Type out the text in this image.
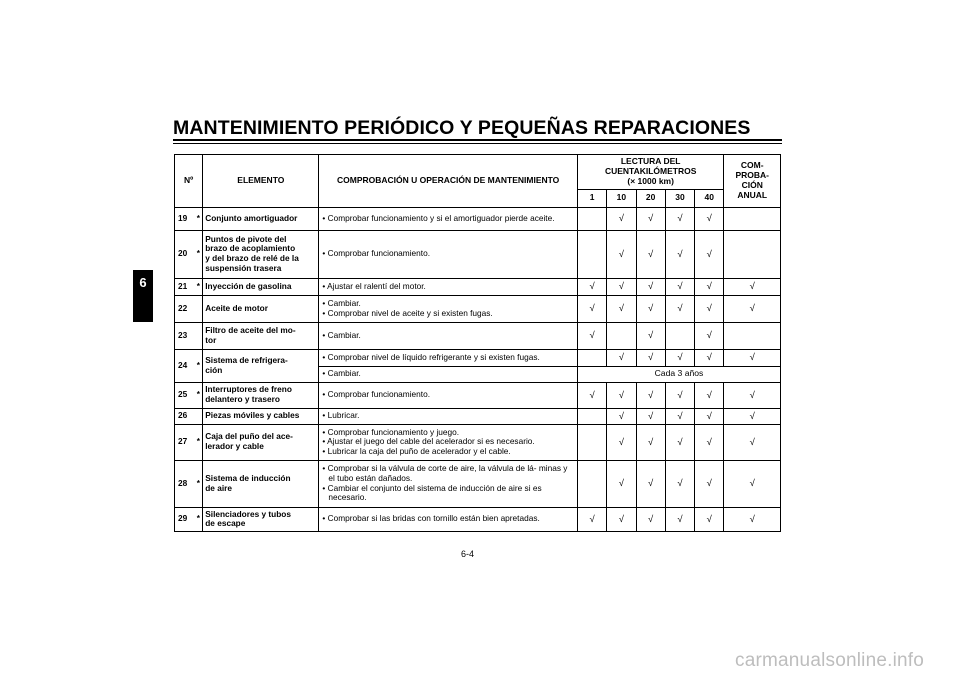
MANTENIMIENTO PERIÓDICO Y PEQUEÑAS REPARACIONES
6
Nº		ELEMENTO	COMPROBACIÓN U OPERACIÓN DE MANTENIMIENTO	LECTURA DEL CUENTAKILÓMETROS
(× 1000 km)					COM-
PROBA-
CIÓN
ANUAL
				1	10	20	30	40	
19	*	Conjunto amortiguador	• Comprobar funcionamiento y si el amortiguador pierde aceite.		√	√	√	√	
20	*	Puntos de pivote del
brazo de acoplamiento
y del brazo de relé de la
suspensión trasera	• Comprobar funcionamiento.		√	√	√	√	
21	*	Inyección de gasolina	• Ajustar el ralentí del motor.	√	√	√	√	√	√
22		Aceite de motor	• Cambiar.
• Comprobar nivel de aceite y si existen fugas.	√	√	√	√	√	√
23		Filtro de aceite del mo-
tor	• Cambiar.	√		√		√	
24	*	Sistema de refrigera-
ción	• Comprobar nivel de líquido refrigerante y si existen fugas.		√	√	√	√	√

			• Cambiar.	Cada 3 años					
25	*	Interruptores de freno
delantero y trasero	• Comprobar funcionamiento.	√	√	√	√	√	√
26		Piezas móviles y cables	• Lubricar.		√	√	√	√	√
27	*	Caja del puño del ace-
lerador y cable	• Comprobar funcionamiento y juego.
• Ajustar el juego del cable del acelerador si es necesario.
• Lubricar la caja del puño de acelerador y el cable.		√	√	√	√	√
28	*	Sistema de inducción
de aire	• Comprobar si la válvula de corte de aire, la válvula de lá- minas y el tubo están dañados.
• Cambiar el conjunto del sistema de inducción de aire si es necesario.		√	√	√	√	√
29	*	Silenciadores y tubos
de escape	• Comprobar si las bridas con tornillo están bien apretadas.	√	√	√	√	√	√
6-4
carmanualsonline.info
